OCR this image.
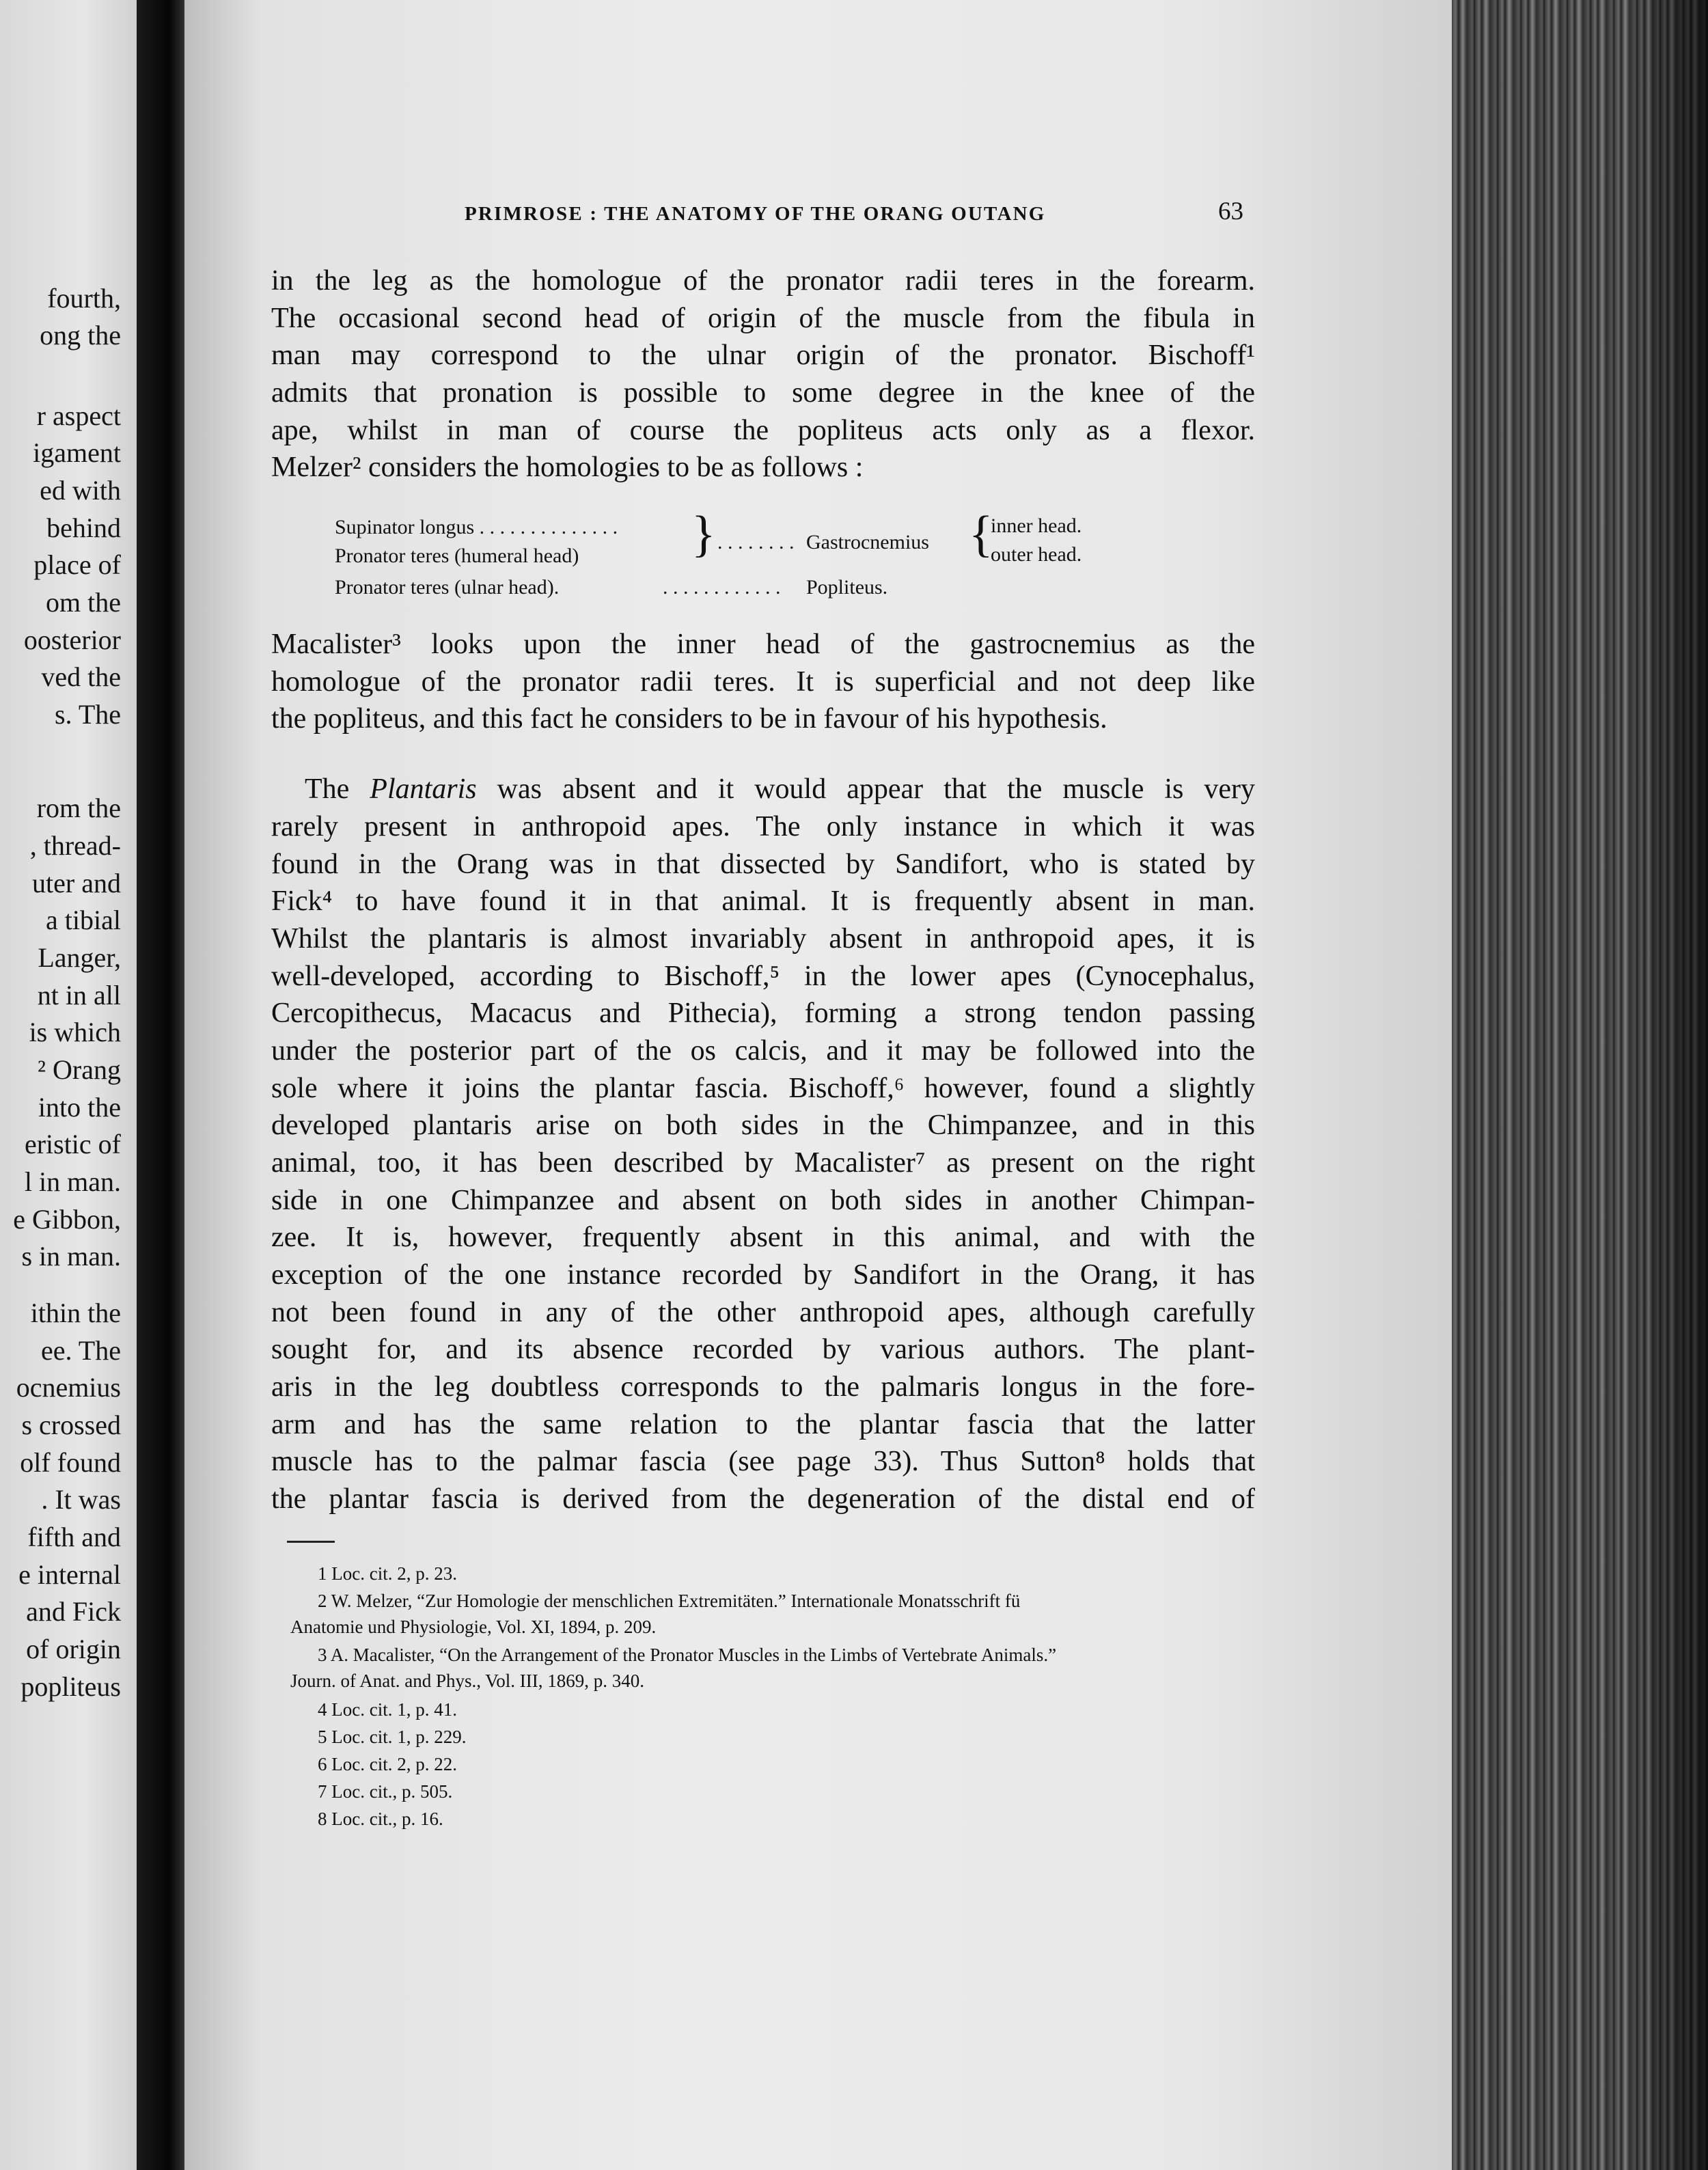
fourth,
ong the
r aspect
igament
ed with
behind
place of
om the
oosterior
ved the
s. The
rom the
, thread-
uter and
a tibial
Langer,
nt in all
is which
² Orang
into the
eristic of
l in man.
e Gibbon,
s in man.
ithin the
ee. The
ocnemius
s crossed
olf found
. It was
fifth and
e internal
and Fick
of origin
popliteus
PRIMROSE : THE ANATOMY OF THE ORANG OUTANG	63
in the leg as the homologue of the pronator radii teres in the forearm.
The occasional second head of origin of the muscle from the fibula in
man may correspond to the ulnar origin of the pronator. Bischoff¹
admits that pronation is possible to some degree in the knee of the
ape, whilst in man of course the popliteus acts only as a flexor.
Melzer² considers the homologies to be as follows :
Supinator longus . . . . . . . . . . . . . .
Pronator teres (humeral head) } . . . . . . . . Gastrocnemius {
inner head.
outer head.
Pronator teres (ulnar head).	. . . . . . . . . . . . Popliteus.
Macalister³ looks upon the inner head of the gastrocnemius as the
homologue of the pronator radii teres. It is superficial and not deep like
the popliteus, and this fact he considers to be in favour of his hypothesis.
The Plantaris was absent and it would appear that the muscle is very
rarely present in anthropoid apes. The only instance in which it was
found in the Orang was in that dissected by Sandifort, who is stated by
Fick⁴ to have found it in that animal. It is frequently absent in man.
Whilst the plantaris is almost invariably absent in anthropoid apes, it is
well-developed, according to Bischoff,⁵ in the lower apes (Cynocephalus,
Cercopithecus, Macacus and Pithecia), forming a strong tendon passing
under the posterior part of the os calcis, and it may be followed into the
sole where it joins the plantar fascia. Bischoff,⁶ however, found a slightly
developed plantaris arise on both sides in the Chimpanzee, and in this
animal, too, it has been described by Macalister⁷ as present on the right
side in one Chimpanzee and absent on both sides in another Chimpan-
zee. It is, however, frequently absent in this animal, and with the
exception of the one instance recorded by Sandifort in the Orang, it has
not been found in any of the other anthropoid apes, although carefully
sought for, and its absence recorded by various authors. The plant-
aris in the leg doubtless corresponds to the palmaris longus in the fore-
arm and has the same relation to the plantar fascia that the latter
muscle has to the palmar fascia (see page 33). Thus Sutton⁸ holds that
the plantar fascia is derived from the degeneration of the distal end of
1 Loc. cit. 2, p. 23.
2 W. Melzer, “Zur Homologie der menschlichen Extremitäten.” Internationale Monatsschrift fü
Anatomie und Physiologie, Vol. XI, 1894, p. 209.
3 A. Macalister, “On the Arrangement of the Pronator Muscles in the Limbs of Vertebrate Animals.”
Journ. of Anat. and Phys., Vol. III, 1869, p. 340.
4 Loc. cit. 1, p. 41.
5 Loc. cit. 1, p. 229.
6 Loc. cit. 2, p. 22.
7 Loc. cit., p. 505.
8 Loc. cit., p. 16.
